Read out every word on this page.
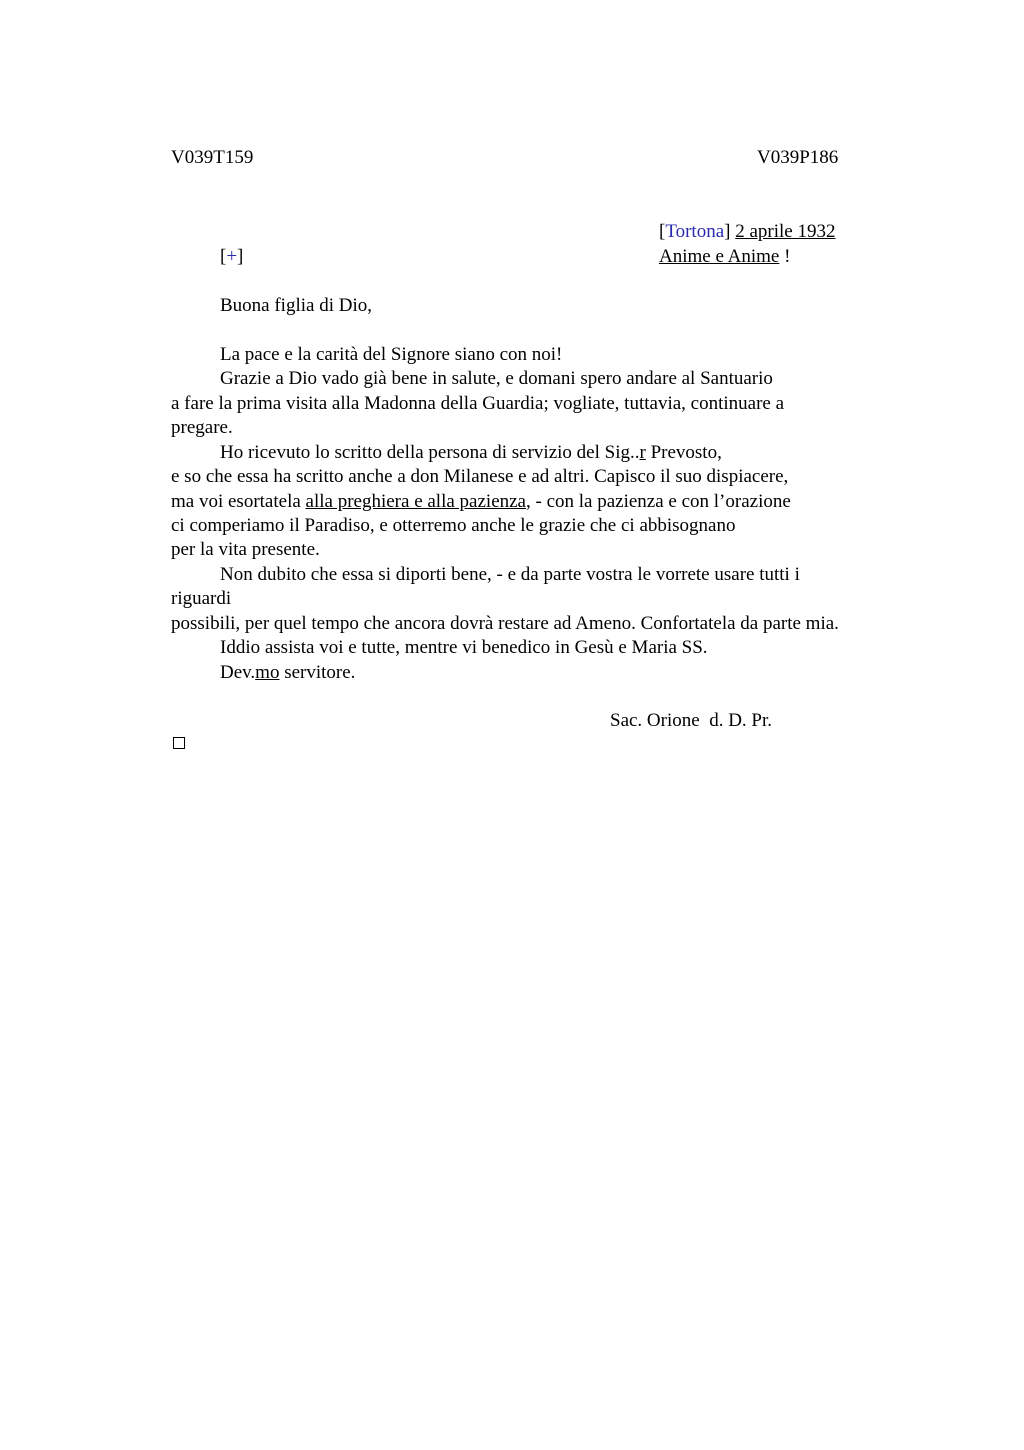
V039T159	V039P186
[Tortona] 2 aprile 1932
[+]	Anime e Anime !
Buona figlia di Dio,
La pace e la carità del Signore siano con noi!
Grazie a Dio vado già bene in salute, e domani spero andare al Santuario
a fare la prima visita alla Madonna della Guardia; vogliate, tuttavia, continuare a
pregare.
Ho ricevuto lo scritto della persona di servizio del Sig..r Prevosto,
e so che essa ha scritto anche a don Milanese e ad altri. Capisco il suo dispiacere,
ma voi esortatela alla preghiera e alla pazienza, - con la pazienza e con l’orazione
ci comperiamo il Paradiso, e otterremo anche le grazie che ci abbisognano
per la vita presente.
Non dubito che essa si diporti bene, - e da parte vostra le vorrete usare tutti i
riguardi
possibili, per quel tempo che ancora dovrà restare ad Ameno. Confortatela da parte mia.
Iddio assista voi e tutte, mentre vi benedico in Gesù e Maria SS.
Dev.mo servitore.
Sac. Orione  d. D. Pr.
